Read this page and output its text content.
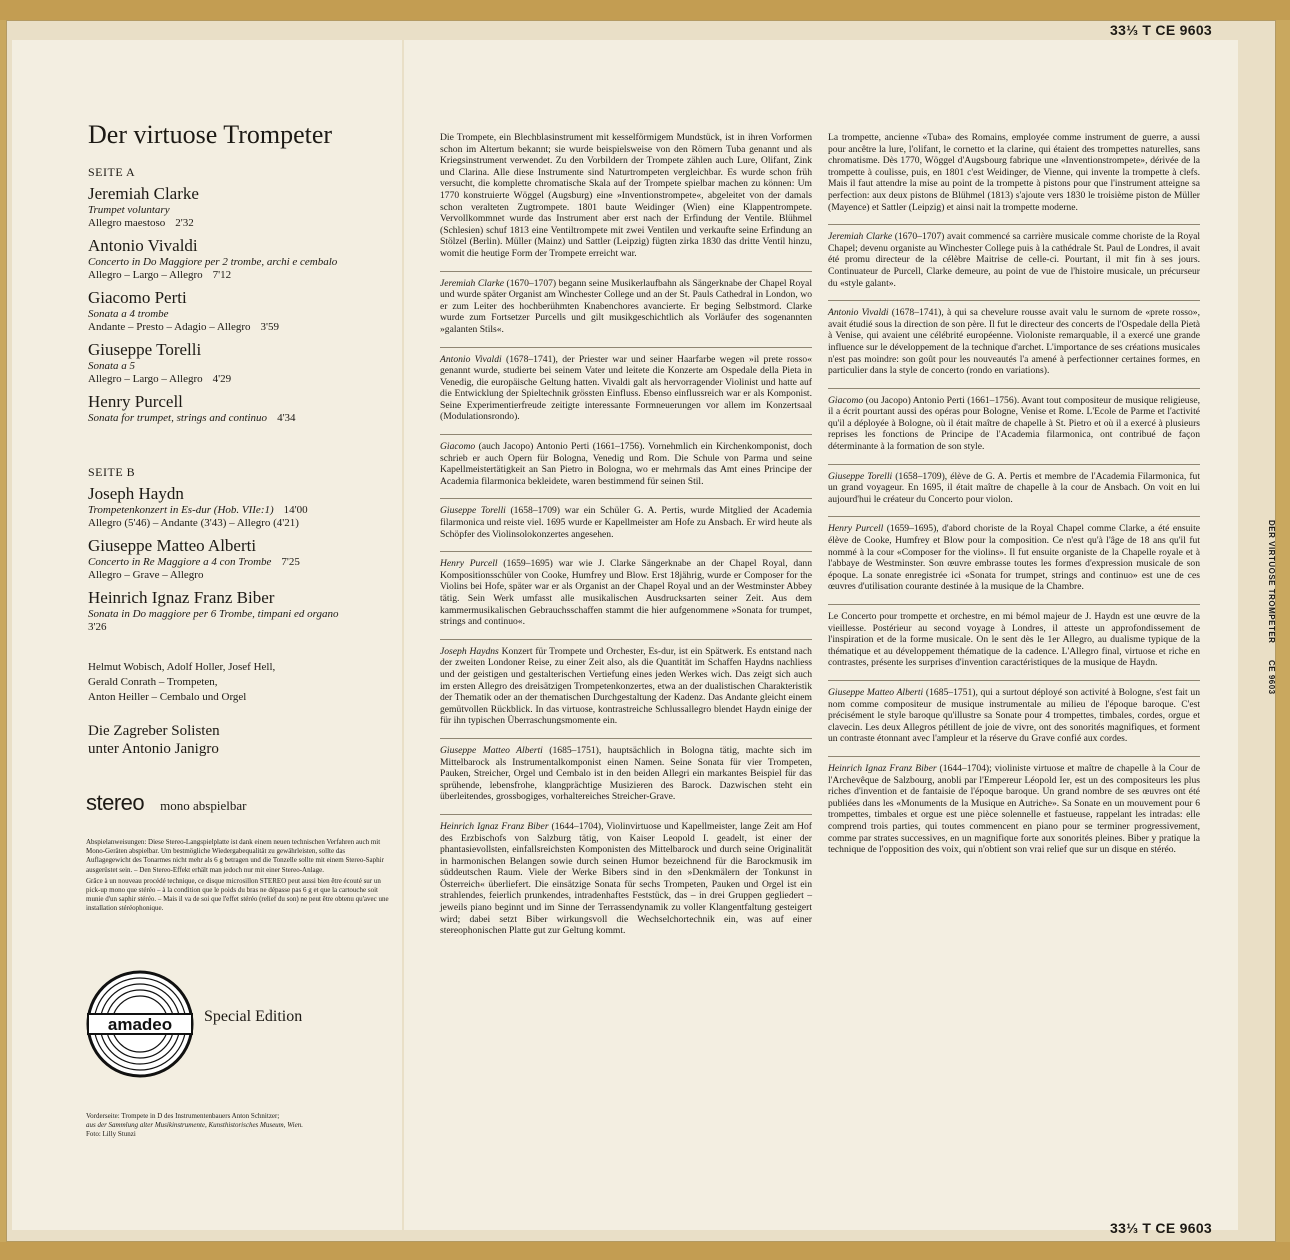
33⅓ T CE 9603
33⅓ T CE 9603
DER VIRTUOSE TROMPETER CE 9603
Der virtuose Trompeter
SEITE A
Jeremiah Clarke
Trumpet voluntary
Allegro maestoso 2'32
Antonio Vivaldi
Concerto in Do Maggiore per 2 trombe, archi e cembalo
Allegro – Largo – Allegro 7'12
Giacomo Perti
Sonata a 4 trombe
Andante – Presto – Adagio – Allegro 3'59
Giuseppe Torelli
Sonata a 5
Allegro – Largo – Allegro 4'29
Henry Purcell
Sonata for trumpet, strings and continuo 4'34
SEITE B
Joseph Haydn
Trompetenkonzert in Es-dur (Hob. VIIe:1) 14'00
Allegro (5'46) – Andante (3'43) – Allegro (4'21)
Giuseppe Matteo Alberti
Concerto in Re Maggiore a 4 con Trombe 7'25
Allegro – Grave – Allegro
Heinrich Ignaz Franz Biber
Sonata in Do maggiore per 6 Trombe, timpani ed organo
3'26
Helmut Wobisch, Adolf Holler, Josef Hell,
Gerald Conrath – Trompeten,
Anton Heiller – Cembalo und Orgel
Die Zagreber Solisten
unter Antonio Janigro
stereo mono abspielbar

Abspielanweisungen: Diese Stereo-Langspielplatte ist dank einem neuen technischen Verfahren auch mit Mono-Geräten abspielbar. Um bestmögliche Wiedergabequalität zu gewährleisten, sollte das Auflagegewicht des Tonarmes nicht mehr als 6 g betragen und die Tonzelle sollte mit einem Stereo-Saphir ausgerüstet sein. – Den Stereo-Effekt erhält man jedoch nur mit einer Stereo-Anlage.

Grâce à un nouveau procédé technique, ce disque microsillon STEREO peut aussi bien être écouté sur un pick-up mono que stéréo – à la condition que le poids du bras ne dépasse pas 6 g et que la cartouche soit munie d'un saphir stéréo. – Mais il va de soi que l'effet stéréo (relief du son) ne peut être obtenu qu'avec une installation stéréophonique.

amadeo Special Edition
Vorderseite: Trompete in D des Instrumentenbauers Anton Schnitzer;
aus der Sammlung alter Musikinstrumente, Kunsthistorisches Museum, Wien.
Foto: Lilly Stunzi

Die Trompete, ein Blechblasinstrument mit kesselförmigem Mundstück, ist in ihren Vorformen schon im Altertum bekannt; sie wurde beispielsweise von den Römern Tuba genannt und als Kriegsinstrument verwendet. Zu den Vorbildern der Trompete zählen auch Lure, Olifant, Zink und Clarina. Alle diese Instrumente sind Naturtrompeten vergleichbar. Es wurde schon früh versucht, die komplette chromatische Skala auf der Trompete spielbar machen zu können: Um 1770 konstruierte Wöggel (Augsburg) eine »Inventionstrompete«, abgeleitet von der damals schon veralteten Zugtrompete. 1801 baute Weidinger (Wien) eine Klappentrompete. Vervollkommnet wurde das Instrument aber erst nach der Erfindung der Ventile. Blühmel (Schlesien) schuf 1813 eine Ventiltrompete mit zwei Ventilen und verkaufte seine Erfindung an Stölzel (Berlin). Müller (Mainz) und Sattler (Leipzig) fügten zirka 1830 das dritte Ventil hinzu, womit die heutige Form der Trompete erreicht war.

Jeremiah Clarke (1670–1707) begann seine Musikerlaufbahn als Sängerknabe der Chapel Royal und wurde später Organist am Winchester College und an der St. Pauls Cathedral in London, wo er zum Leiter des hochberühmten Knabenchores avancierte. Er beging Selbstmord. Clarke wurde zum Fortsetzer Purcells und gilt musikgeschichtlich als Vorläufer des sogenannten »galanten Stils«.

Antonio Vivaldi (1678–1741), der Priester war und seiner Haarfarbe wegen »il prete rosso« genannt wurde, studierte bei seinem Vater und leitete die Konzerte am Ospedale della Pieta in Venedig, die europäische Geltung hatten. Vivaldi galt als hervorragender Violinist und hatte auf die Entwicklung der Spieltechnik grössten Einfluss. Ebenso einflussreich war er als Komponist. Seine Experimentierfreude zeitigte interessante Formneuerungen vor allem im Konzertsaal (Modulationsrondo).

Giacomo (auch Jacopo) Antonio Perti (1661–1756). Vornehmlich ein Kirchenkomponist, doch schrieb er auch Opern für Bologna, Venedig und Rom. Die Schule von Parma und seine Kapellmeistertätigkeit an San Pietro in Bologna, wo er mehrmals das Amt eines Principe der Academia filarmonica bekleidete, waren bestimmend für seinen Stil.

Giuseppe Torelli (1658–1709) war ein Schüler G. A. Pertis, wurde Mitglied der Academia filarmonica und reiste viel. 1695 wurde er Kapellmeister am Hofe zu Ansbach. Er wird heute als Schöpfer des Violinsolokonzertes angesehen.

Henry Purcell (1659–1695) war wie J. Clarke Sängerknabe an der Chapel Royal, dann Kompositionsschüler von Cooke, Humfrey und Blow. Erst 18jährig, wurde er Composer for the Violins bei Hofe, später war er als Organist an der Chapel Royal und an der Westminster Abbey tätig. Sein Werk umfasst alle musikalischen Ausdrucksarten seiner Zeit. Aus dem kammermusikalischen Gebrauchsschaffen stammt die hier aufgenommene »Sonata for trumpet, strings and continuo«.

Joseph Haydns Konzert für Trompete und Orchester, Es-dur, ist ein Spätwerk. Es entstand nach der zweiten Londoner Reise, zu einer Zeit also, als die Quantität im Schaffen Haydns nachliess und der geistigen und gestalterischen Vertiefung eines jeden Werkes wich. Das zeigt sich auch im ersten Allegro des dreisätzigen Trompetenkonzertes, etwa an der dualistischen Charakteristik der Thematik oder an der thematischen Durchgestaltung der Kadenz. Das Andante gleicht einem gemütvollen Rückblick. In das virtuose, kontrastreiche Schlussallegro blendet Haydn einige der für ihn typischen Überraschungsmomente ein.

Giuseppe Matteo Alberti (1685–1751), hauptsächlich in Bologna tätig, machte sich im Mittelbarock als Instrumentalkomponist einen Namen. Seine Sonata für vier Trompeten, Pauken, Streicher, Orgel und Cembalo ist in den beiden Allegri ein markantes Beispiel für das sprühende, lebensfrohe, klangprächtige Musizieren des Barock. Dazwischen steht ein überleitendes, grossbogiges, vorhaltereiches Streicher-Grave.

Heinrich Ignaz Franz Biber (1644–1704), Violinvirtuose und Kapellmeister, lange Zeit am Hof des Erzbischofs von Salzburg tätig, von Kaiser Leopold I. geadelt, ist einer der phantasievollsten, einfallsreichsten Komponisten des Mittelbarock und durch seine Originalität in harmonischen Belangen sowie durch seinen Humor bezeichnend für die Barockmusik im süddeutschen Raum. Viele der Werke Bibers sind in den »Denkmälern der Tonkunst in Österreich« überliefert. Die einsätzige Sonata für sechs Trompeten, Pauken und Orgel ist ein strahlendes, feierlich prunkendes, intradenhaftes Feststück, das – in drei Gruppen gegliedert – jeweils piano beginnt und im Sinne der Terrassendynamik zu voller Klangentfaltung gesteigert wird; dabei setzt Biber wirkungsvoll die Wechselchortechnik ein, was auf einer stereophonischen Platte gut zur Geltung kommt.

La trompette, ancienne «Tuba» des Romains, employée comme instrument de guerre, a aussi pour ancêtre la lure, l'olifant, le cornetto et la clarine, qui étaient des trompettes naturelles, sans chromatisme. Dès 1770, Wöggel d'Augsbourg fabrique une «Inventionstrompete», dérivée de la trompette à coulisse, puis, en 1801 c'est Weidinger, de Vienne, qui invente la trompette à clefs. Mais il faut attendre la mise au point de la trompette à pistons pour que l'instrument atteigne sa perfection: aux deux pistons de Blühmel (1813) s'ajoute vers 1830 le troisième piston de Müller (Mayence) et Sattler (Leipzig) et ainsi nait la trompette moderne.

Jeremiah Clarke (1670–1707) avait commencé sa carrière musicale comme choriste de la Royal Chapel; devenu organiste au Winchester College puis à la cathédrale St. Paul de Londres, il avait été promu directeur de la célèbre Maitrise de celle-ci. Pourtant, il mit fin à ses jours. Continuateur de Purcell, Clarke demeure, au point de vue de l'histoire musicale, un précurseur du «style galant».

Antonio Vivaldi (1678–1741), à qui sa chevelure rousse avait valu le surnom de «prete rosso», avait étudié sous la direction de son père. Il fut le directeur des concerts de l'Ospedale della Pietà à Venise, qui avaient une célébrité européenne. Violoniste remarquable, il a exercé une grande influence sur le développement de la technique d'archet. L'importance de ses créations musicales n'est pas moindre: son goût pour les nouveautés l'a amené à perfectionner certaines formes, en particulier dans la style de concerto (rondo en variations).

Giacomo (ou Jacopo) Antonio Perti (1661–1756). Avant tout compositeur de musique religieuse, il a écrit pourtant aussi des opéras pour Bologne, Venise et Rome. L'Ecole de Parme et l'activité qu'il a déployée à Bologne, où il était maître de chapelle à St. Pietro et où il a exercé à plusieurs reprises les fonctions de Principe de l'Academia filarmonica, ont contribué de façon déterminante à la formation de son style.

Giuseppe Torelli (1658–1709), élève de G. A. Pertis et membre de l'Academia Filarmonica, fut un grand voyageur. En 1695, il était maître de chapelle à la cour de Ansbach. On voit en lui aujourd'hui le créateur du Concerto pour violon.

Henry Purcell (1659–1695), d'abord choriste de la Royal Chapel comme Clarke, a été ensuite élève de Cooke, Humfrey et Blow pour la composition. Ce n'est qu'à l'âge de 18 ans qu'il fut nommé à la cour «Composer for the violins». Il fut ensuite organiste de la Chapelle royale et à l'abbaye de Westminster. Son œuvre embrasse toutes les formes d'expression musicale de son époque. La sonate enregistrée ici «Sonata for trumpet, strings and continuo» est une de ces œuvres d'utilisation courante destinée à la musique de la Chambre.

Le Concerto pour trompette et orchestre, en mi bémol majeur de J. Haydn est une œuvre de la vieillesse. Postérieur au second voyage à Londres, il atteste un approfondissement de l'inspiration et de la forme musicale. On le sent dès le 1er Allegro, au dualisme typique de la thématique et au développement thématique de la cadence. L'Allegro final, virtuose et riche en contrastes, présente les surprises d'invention caractéristiques de la musique de Haydn.

Giuseppe Matteo Alberti (1685–1751), qui a surtout déployé son activité à Bologne, s'est fait un nom comme compositeur de musique instrumentale au milieu de l'époque baroque. C'est précisément le style baroque qu'illustre sa Sonate pour 4 trompettes, timbales, cordes, orgue et clavecin. Les deux Allegros pétillent de joie de vivre, ont des sonorités magnifiques, et forment un contraste étonnant avec l'ampleur et la réserve du Grave confié aux cordes.

Heinrich Ignaz Franz Biber (1644–1704); violiniste virtuose et maître de chapelle à la Cour de l'Archevêque de Salzbourg, anobli par l'Empereur Léopold Ier, est un des compositeurs les plus riches d'invention et de fantaisie de l'époque baroque. Un grand nombre de ses œuvres ont été publiées dans les «Monuments de la Musique en Autriche». Sa Sonate en un mouvement pour 6 trompettes, timbales et orgue est une pièce solennelle et fastueuse, rappelant les intradas: elle comprend trois parties, qui toutes commencent en piano pour se terminer progressivement, comme par strates successives, en un magnifique forte aux sonorités pleines. Biber y pratique la technique de l'opposition des voix, qui n'obtient son vrai relief que sur un disque en stéréo.
